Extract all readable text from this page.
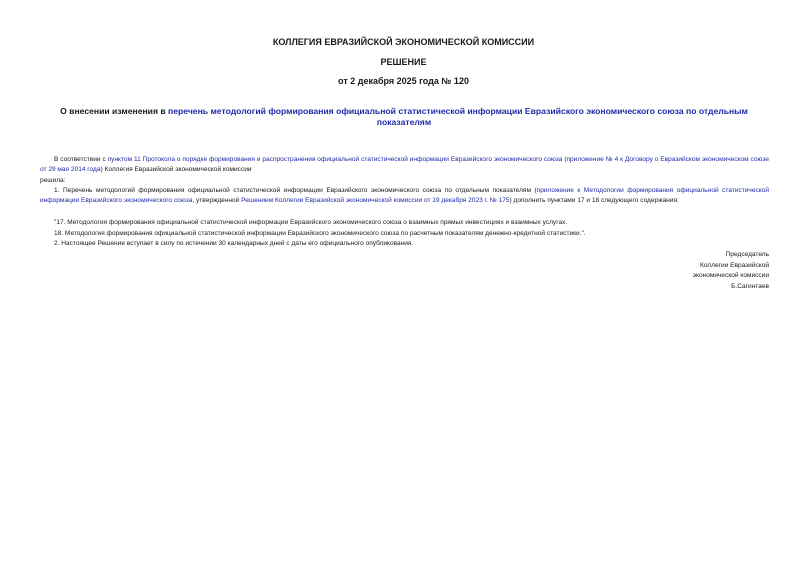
КОЛЛЕГИЯ ЕВРАЗИЙСКОЙ ЭКОНОМИЧЕСКОЙ КОМИССИИ
РЕШЕНИЕ
от 2 декабря 2025 года № 120
О внесении изменения в перечень методологий формирования официальной статистической информации Евразийского экономического союза по отдельным показателям

В соответствии с пунктом 11 Протокола о порядке формирования и распространения официальной статистической информации Евразийского экономического союза (приложение № 4 к Договору о Евразийском экономическом союзе от 29 мая 2014 года) Коллегия Евразийской экономической комиссии

решила:

1. Перечень методологий формирования официальной статистической информации Евразийского экономического союза по отдельным показателям (приложение к Методологии формирования официальной статистической информации Евразийского экономического союза, утвержденной Решением Коллегии Евразийской экономической комиссии от 19 декабря 2023 г. № 175) дополнить пунктами 17 и 18 следующего содержания:

"17. Методология формирования официальной статистической информации Евразийского экономического союза о взаимных прямых инвестициях и взаимных услугах.

18. Методология формирования официальной статистической информации Евразийского экономического союза по расчетным показателям денежно-кредитной статистики.".

2. Настоящее Решение вступает в силу по истечении 30 календарных дней с даты его официального опубликования.

Председатель
Коллегии Евразийской
экономической комиссии
Б.Сагинтаев
